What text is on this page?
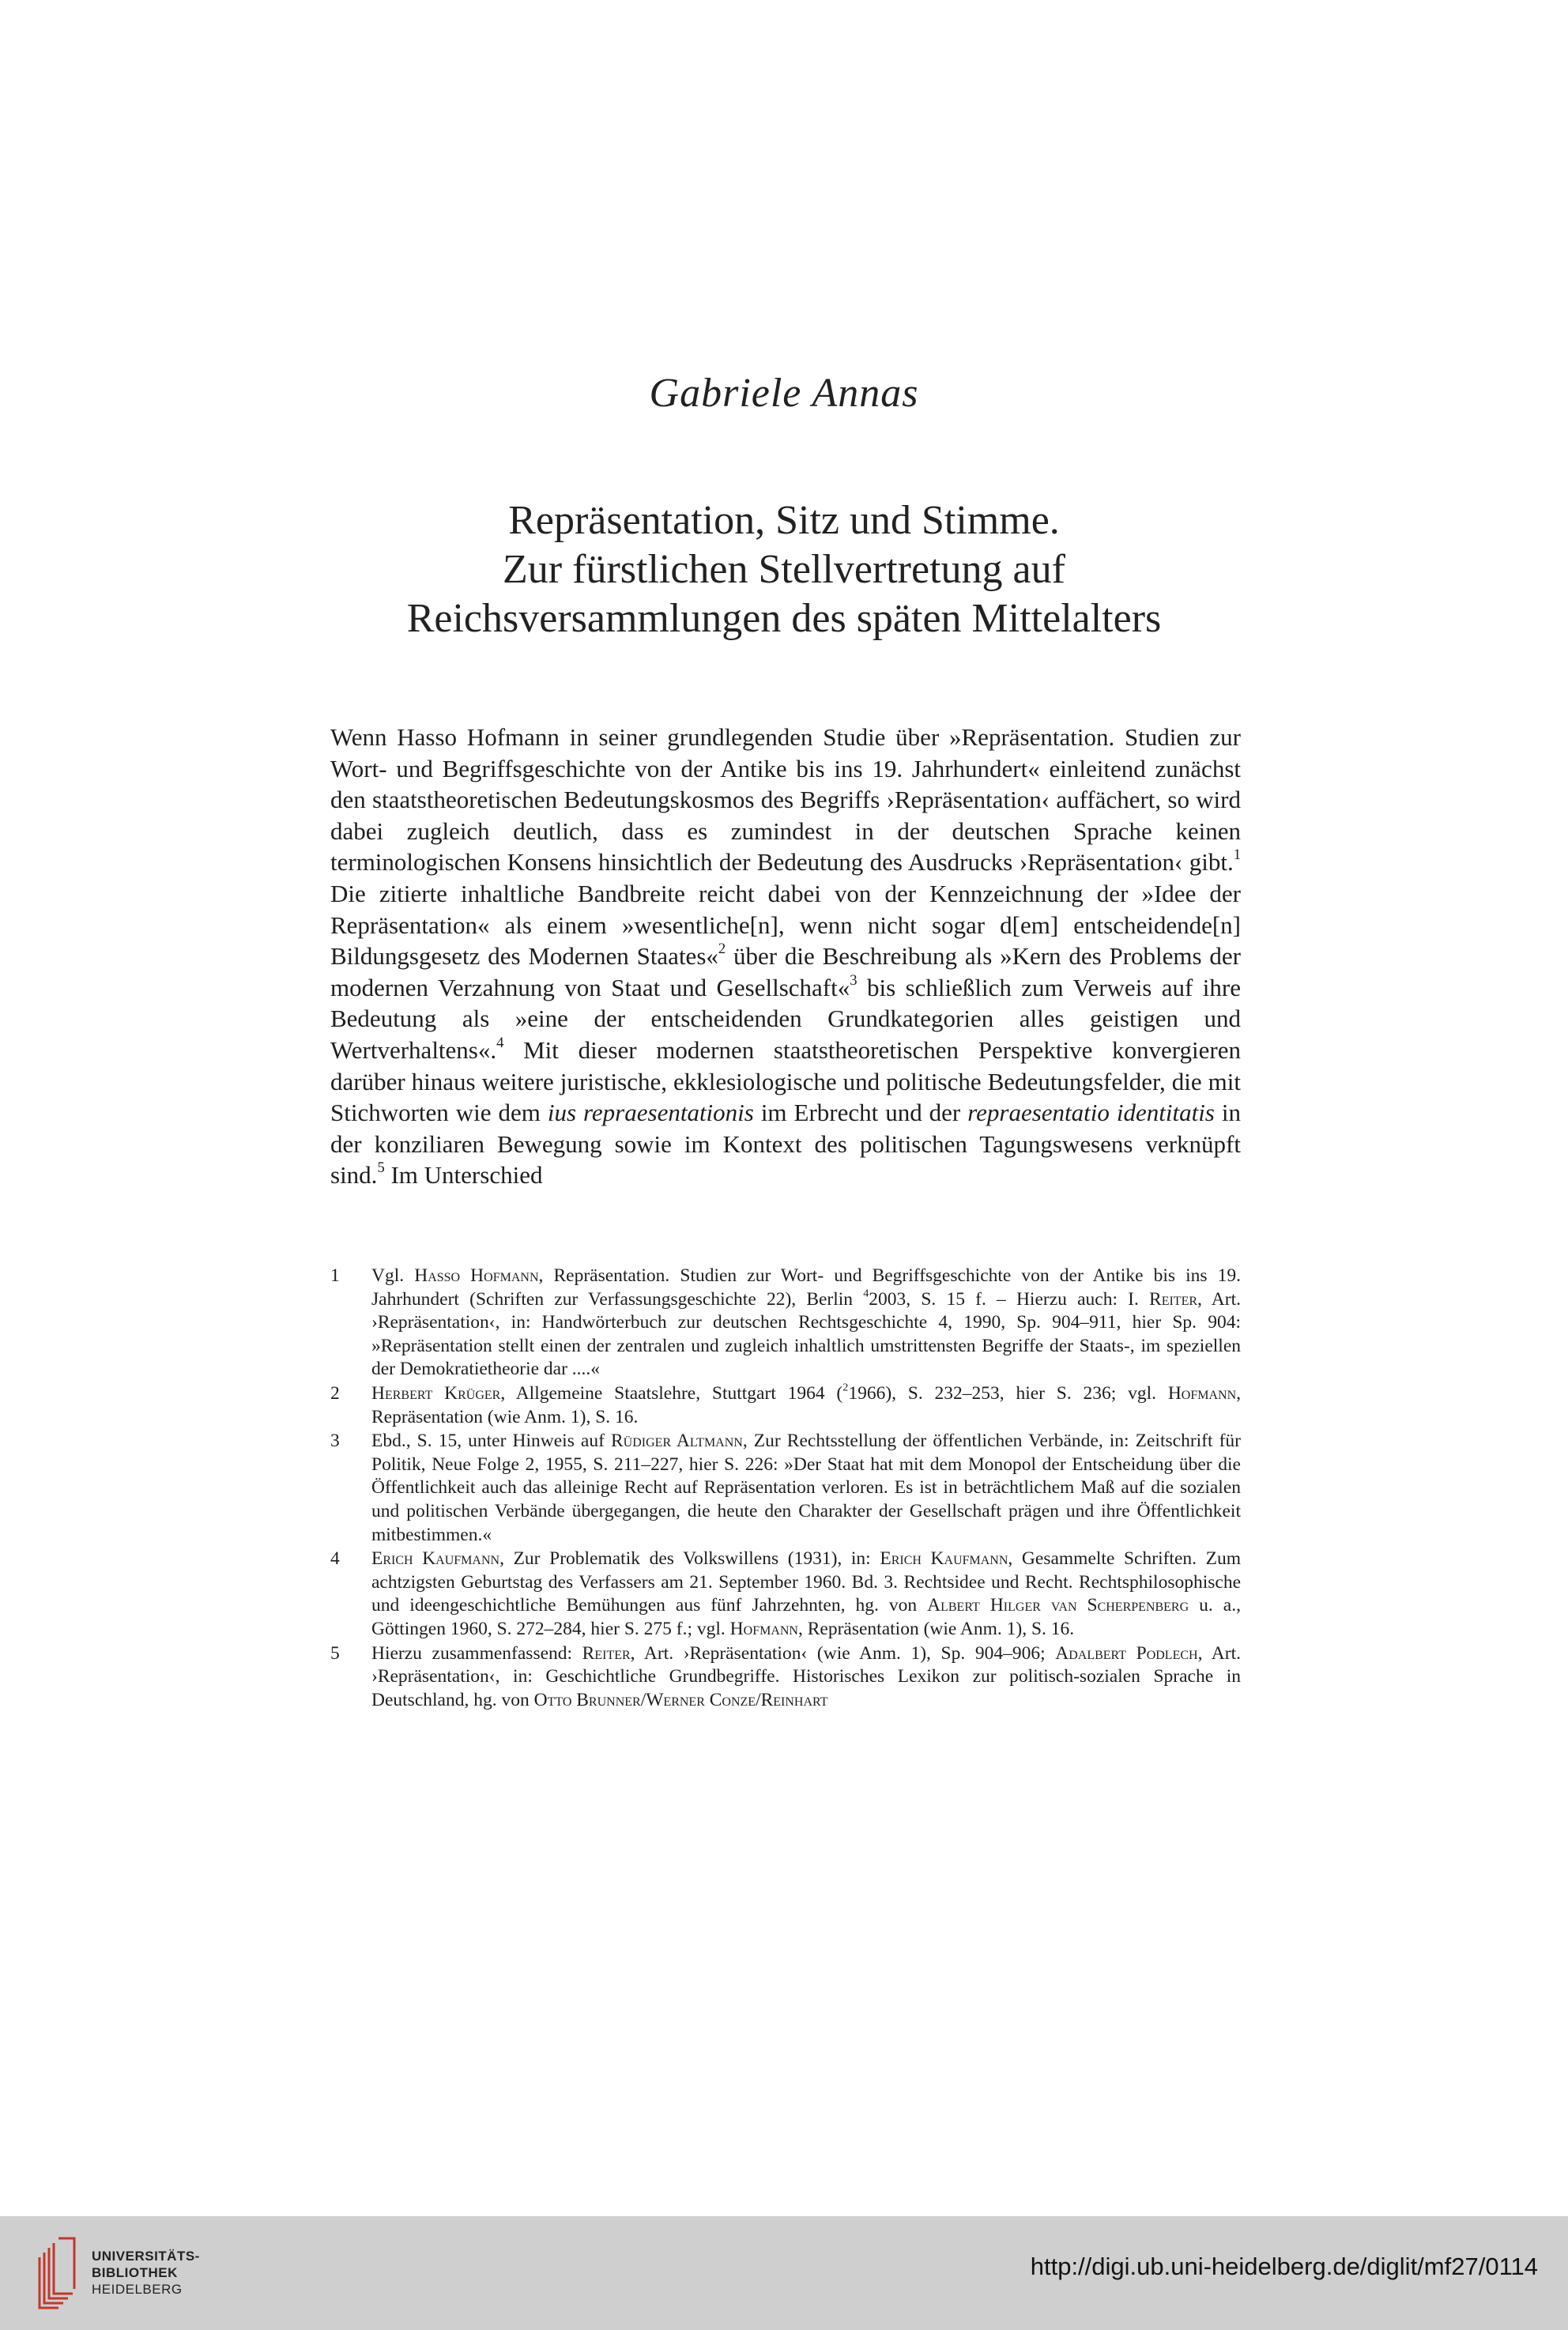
Gabriele Annas
Repräsentation, Sitz und Stimme.
Zur fürstlichen Stellvertretung auf
Reichsversammlungen des späten Mittelalters

Wenn Hasso Hofmann in seiner grundlegenden Studie über »Repräsentation. Studien zur Wort- und Begriffsgeschichte von der Antike bis ins 19. Jahrhundert« einleitend zunächst den staatstheoretischen Bedeutungskosmos des Begriffs ›Repräsentation‹ auffächert, so wird dabei zugleich deutlich, dass es zumindest in der deutschen Sprache keinen terminologischen Konsens hinsichtlich der Bedeutung des Ausdrucks ›Repräsentation‹ gibt.$^1$ Die zitierte inhaltliche Bandbreite reicht dabei von der Kennzeichnung der »Idee der Repräsentation« als einem »wesentliche[n], wenn nicht sogar d[em] entscheidende[n] Bildungsgesetz des Modernen Staates«$^2$ über die Beschreibung als »Kern des Problems der modernen Verzahnung von Staat und Gesellschaft«$^3$ bis schließlich zum Verweis auf ihre Bedeutung als »eine der entscheidenden Grundkategorien alles geistigen und Wertverhaltens«.$^4$ Mit dieser modernen staatstheoretischen Perspektive konvergieren darüber hinaus weitere juristische, ekklesiologische und politische Bedeutungsfelder, die mit Stichworten wie dem ius repraesentationis im Erbrecht und der repraesentatio identitatis in der konziliaren Bewegung sowie im Kontext des politischen Tagungswesens verknüpft sind.$^5$ Im Unterschied

1	Vgl. Hasso Hofmann, Repräsentation. Studien zur Wort- und Begriffsgeschichte von der Antike bis ins 19. Jahrhundert (Schriften zur Verfassungsgeschichte 22), Berlin $^4$2003, S. 15 f. – Hierzu auch: I. Reiter, Art. ›Repräsentation‹, in: Handwörterbuch zur deutschen Rechtsgeschichte 4, 1990, Sp. 904–911, hier Sp. 904: »Repräsentation stellt einen der zentralen und zugleich inhaltlich umstrittensten Begriffe der Staats-, im speziellen der Demokratietheorie dar ....«
2	Herbert Krüger, Allgemeine Staatslehre, Stuttgart 1964 ($^2$1966), S. 232–253, hier S. 236; vgl. Hofmann, Repräsentation (wie Anm. 1), S. 16.
3	Ebd., S. 15, unter Hinweis auf Rüdiger Altmann, Zur Rechtsstellung der öffentlichen Verbände, in: Zeitschrift für Politik, Neue Folge 2, 1955, S. 211–227, hier S. 226: »Der Staat hat mit dem Monopol der Entscheidung über die Öffentlichkeit auch das alleinige Recht auf Repräsentation verloren. Es ist in beträchtlichem Maß auf die sozialen und politischen Verbände übergegangen, die heute den Charakter der Gesellschaft prägen und ihre Öffentlichkeit mitbestimmen.«
4	Erich Kaufmann, Zur Problematik des Volkswillens (1931), in: Erich Kaufmann, Gesammelte Schriften. Zum achtzigsten Geburtstag des Verfassers am 21. September 1960. Bd. 3. Rechtsidee und Recht. Rechtsphilosophische und ideengeschichtliche Bemühungen aus fünf Jahrzehnten, hg. von Albert Hilger van Scherpenberg u. a., Göttingen 1960, S. 272–284, hier S. 275 f.; vgl. Hofmann, Repräsentation (wie Anm. 1), S. 16.
5	Hierzu zusammenfassend: Reiter, Art. ›Repräsentation‹ (wie Anm. 1), Sp. 904–906; Adalbert Podlech, Art. ›Repräsentation‹, in: Geschichtliche Grundbegriffe. Historisches Lexikon zur politisch-sozialen Sprache in Deutschland, hg. von Otto Brunner/Werner Conze/Reinhart
UNIVERSITÄTS-
BIBLIOTHEK
HEIDELBERG
http://digi.ub.uni-heidelberg.de/diglit/mf27/0114
